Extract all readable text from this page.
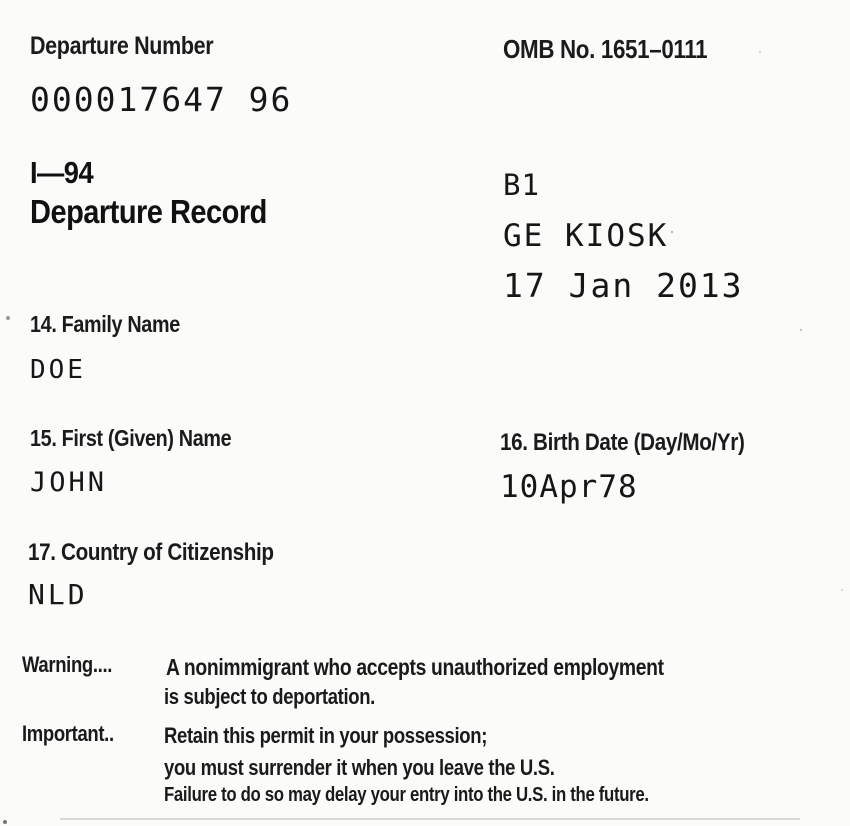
Departure Number
000017647 96
OMB No. 1651–0111
I—94
Departure Record
B1
GE KIOSK
17 Jan 2013
14. Family Name
DOE
15. First (Given) Name
JOHN
16. Birth Date (Day/Mo/Yr)
10Apr78
17. Country of Citizenship
NLD
Warning.... A nonimmigrant who accepts unauthorized employment
is subject to deportation.
Important.. Retain this permit in your possession;
you must surrender it when you leave the U.S.
Failure to do so may delay your entry into the U.S. in the future.
